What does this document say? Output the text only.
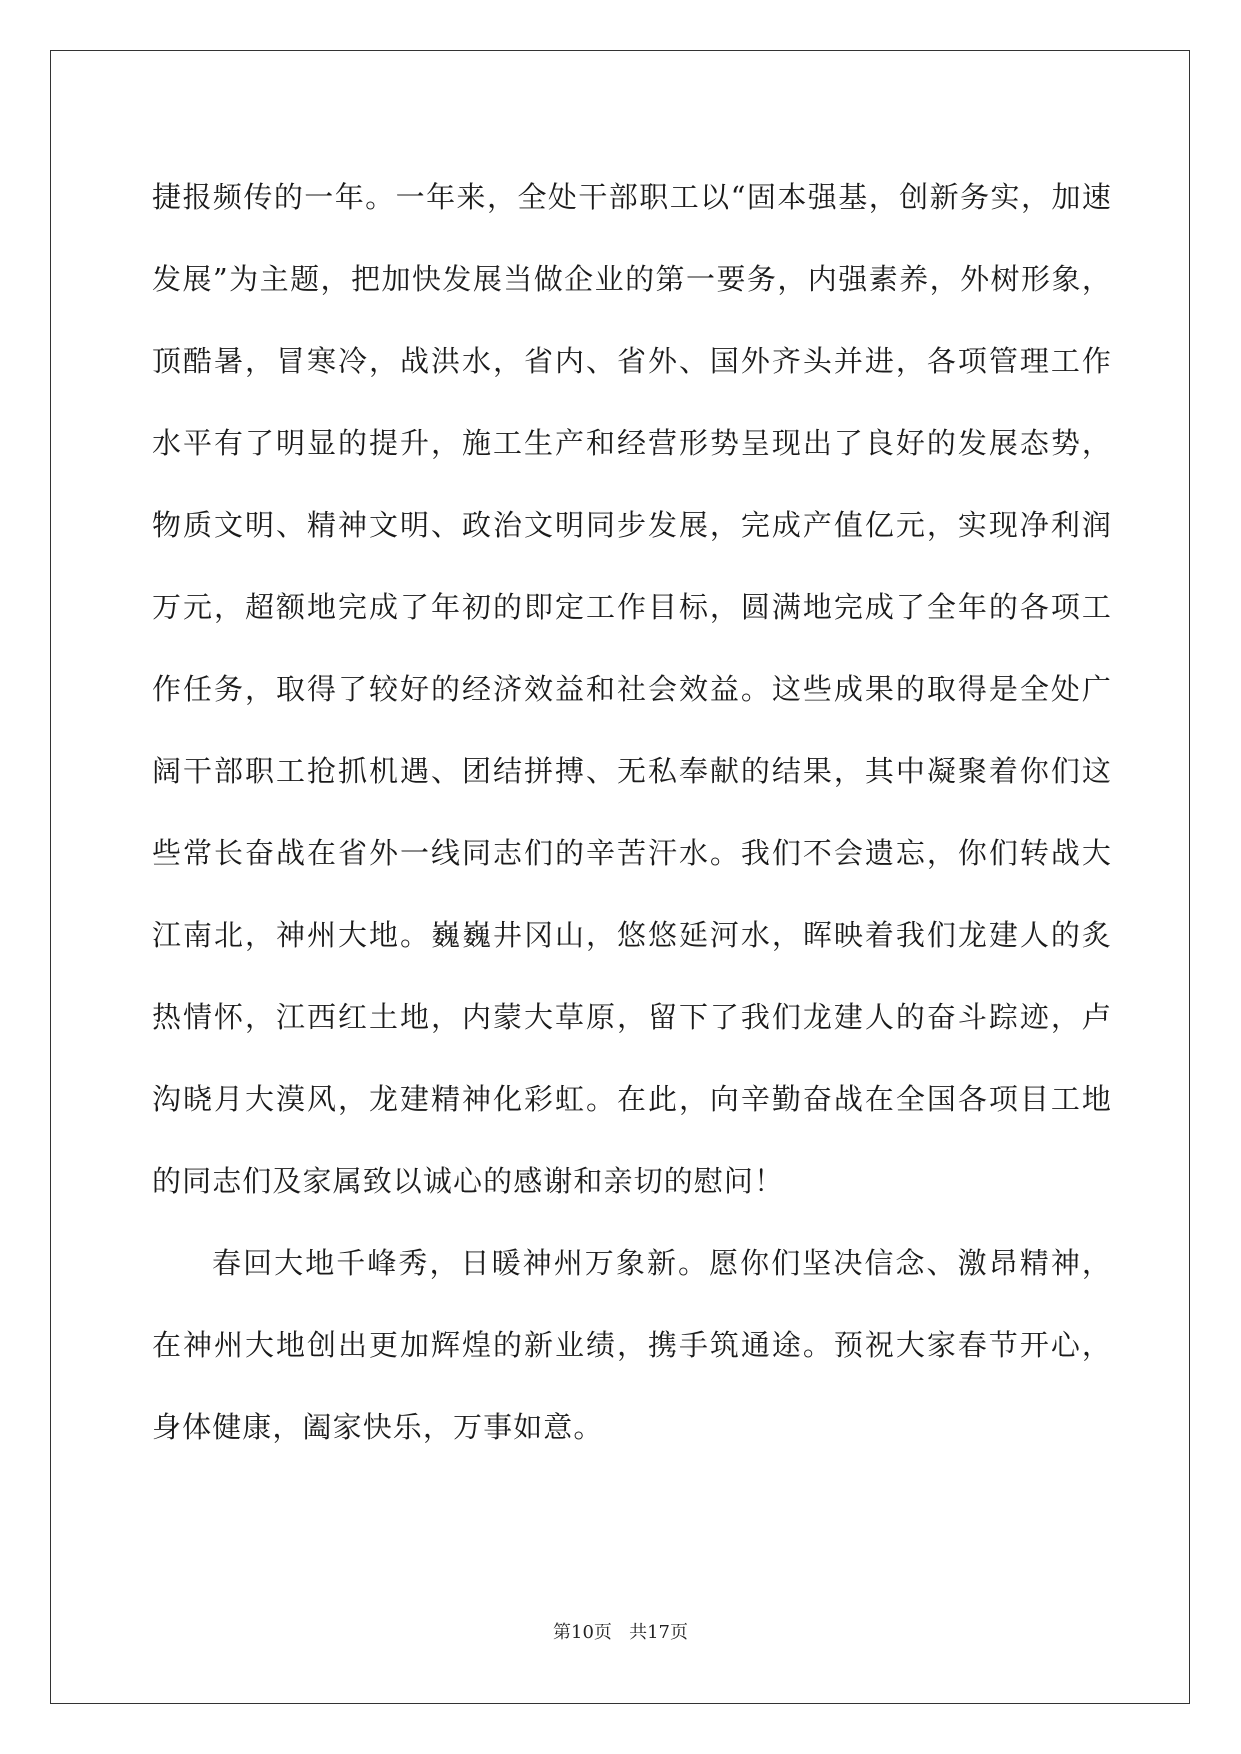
捷报频传的一年。一年来，全处干部职工以“固本强基，创新务实，加速发展”为主题，把加快发展当做企业的第一要务，内强素养，外树形象，顶酷暑，冒寒冷，战洪水，省内、省外、国外齐头并进，各项管理工作水平有了明显的提升，施工生产和经营形势呈现出了良好的发展态势，物质文明、精神文明、政治文明同步发展，完成产值亿元，实现净利润万元，超额地完成了年初的即定工作目标，圆满地完成了全年的各项工作任务，取得了较好的经济效益和社会效益。这些成果的取得是全处广阔干部职工抢抓机遇、团结拼搏、无私奉献的结果，其中凝聚着你们这些常长奋战在省外一线同志们的辛苦汗水。我们不会遗忘，你们转战大江南北，神州大地。巍巍井冈山，悠悠延河水，晖映着我们龙建人的炙热情怀，江西红土地，内蒙大草原，留下了我们龙建人的奋斗踪迹，卢沟晓月大漠风，龙建精神化彩虹。在此，向辛勤奋战在全国各项目工地的同志们及家属致以诚心的感谢和亲切的慰问！

春回大地千峰秀，日暖神州万象新。愿你们坚决信念、激昂精神，在神州大地创出更加辉煌的新业绩，携手筑通途。预祝大家春节开心，身体健康，阖家快乐，万事如意。

第10页 共17页
